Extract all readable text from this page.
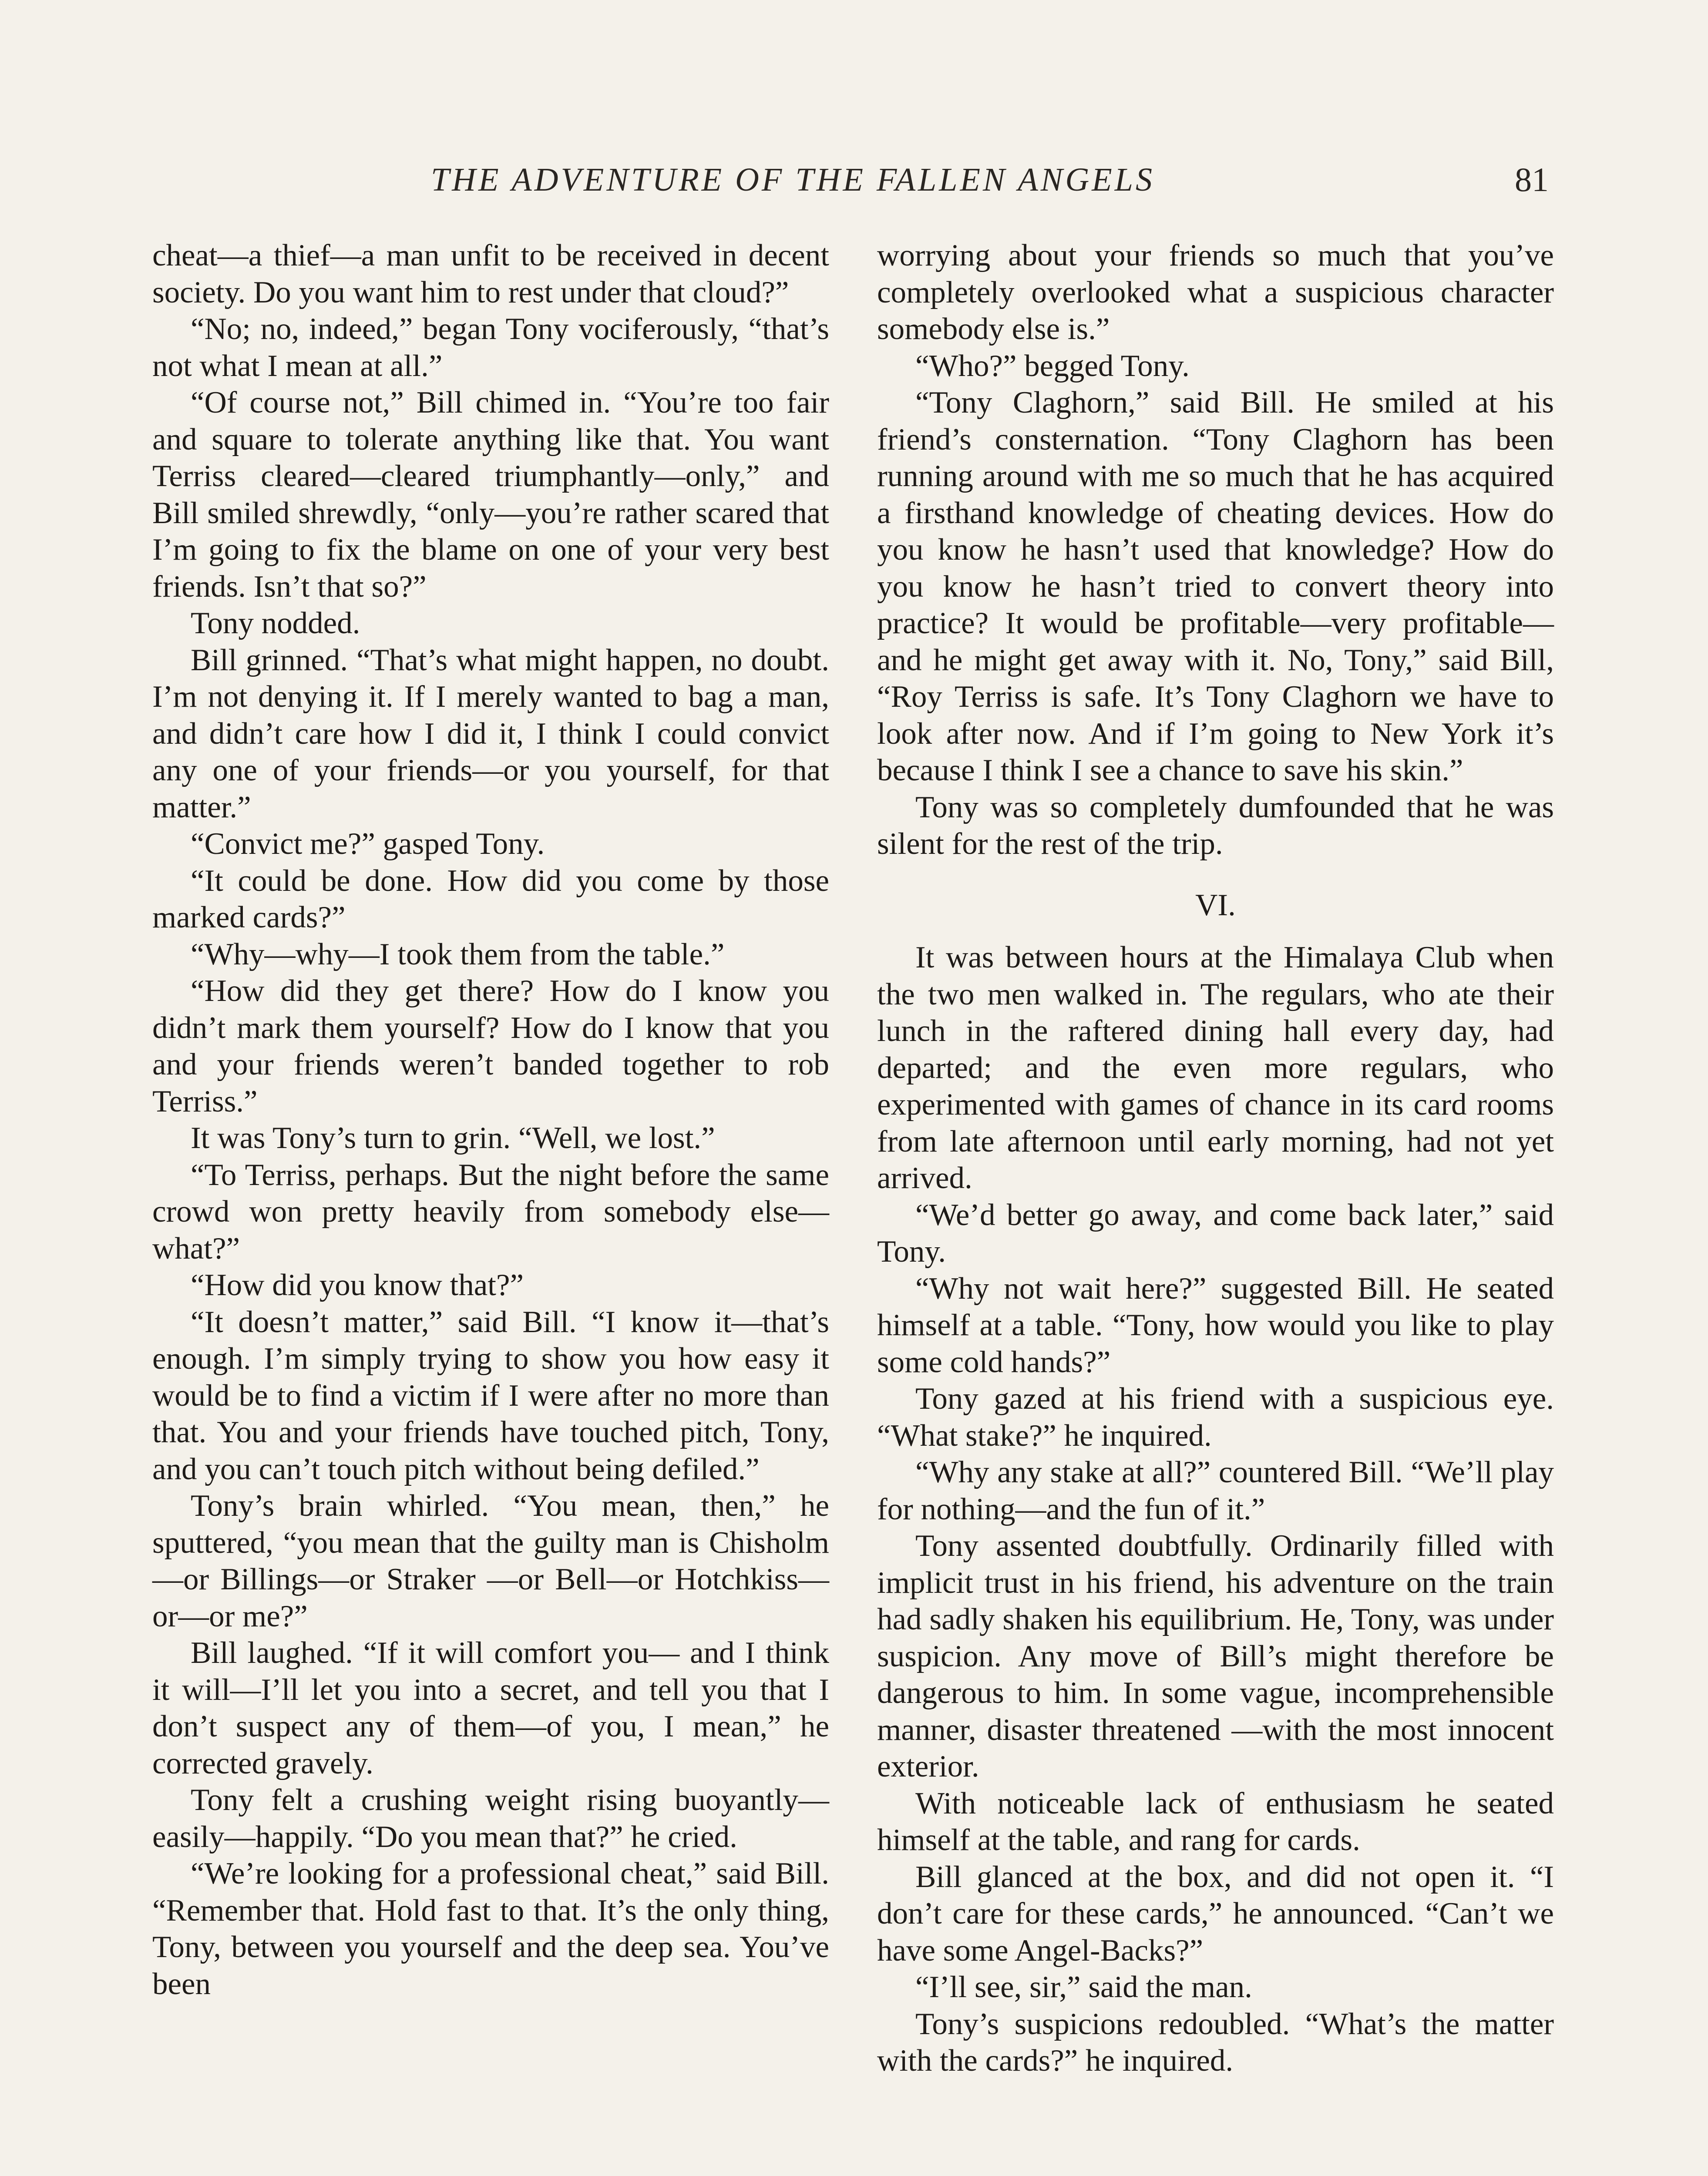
THE ADVENTURE OF THE FALLEN ANGELS	81

cheat—a thief—a man unfit to be received in decent society. Do you want him to rest under that cloud?”

“No; no, indeed,” began Tony vociferously, “that’s not what I mean at all.”

“Of course not,” Bill chimed in. “You’re too fair and square to tolerate anything like that. You want Terriss cleared—cleared triumphantly—only,” and Bill smiled shrewdly, “only—you’re rather scared that I’m going to fix the blame on one of your very best friends. Isn’t that so?”

Tony nodded.

Bill grinned. “That’s what might happen, no doubt. I’m not denying it. If I merely wanted to bag a man, and didn’t care how I did it, I think I could convict any one of your friends—or you yourself, for that matter.”

“Convict me?” gasped Tony.

“It could be done. How did you come by those marked cards?”

“Why—why—I took them from the table.”

“How did they get there? How do I know you didn’t mark them yourself? How do I know that you and your friends weren’t banded together to rob Terriss.”

It was Tony’s turn to grin. “Well, we lost.”

“To Terriss, perhaps. But the night before the same crowd won pretty heavily from somebody else—what?”

“How did you know that?”

“It doesn’t matter,” said Bill. “I know it—that’s enough. I’m simply trying to show you how easy it would be to find a victim if I were after no more than that. You and your friends have touched pitch, Tony, and you can’t touch pitch without being defiled.”

Tony’s brain whirled. “You mean, then,” he sputtered, “you mean that the guilty man is Chisholm—or Billings—or Straker —or Bell—or Hotchkiss—or—or me?”

Bill laughed. “If it will comfort you— and I think it will—I’ll let you into a secret, and tell you that I don’t suspect any of them—of you, I mean,” he corrected gravely.

Tony felt a crushing weight rising buoyantly—easily—happily. “Do you mean that?” he cried.

“We’re looking for a professional cheat,” said Bill. “Remember that. Hold fast to that. It’s the only thing, Tony, between you yourself and the deep sea. You’ve been

worrying about your friends so much that you’ve completely overlooked what a suspicious character somebody else is.”

“Who?” begged Tony.

“Tony Claghorn,” said Bill. He smiled at his friend’s consternation. “Tony Claghorn has been running around with me so much that he has acquired a firsthand knowledge of cheating devices. How do you know he hasn’t used that knowledge? How do you know he hasn’t tried to convert theory into practice? It would be profitable—very profitable—and he might get away with it. No, Tony,” said Bill, “Roy Terriss is safe. It’s Tony Claghorn we have to look after now. And if I’m going to New York it’s because I think I see a chance to save his skin.”

Tony was so completely dumfounded that he was silent for the rest of the trip.

VI.

It was between hours at the Himalaya Club when the two men walked in. The regulars, who ate their lunch in the raftered dining hall every day, had departed; and the even more regulars, who experimented with games of chance in its card rooms from late afternoon until early morning, had not yet arrived.

“We’d better go away, and come back later,” said Tony.

“Why not wait here?” suggested Bill. He seated himself at a table. “Tony, how would you like to play some cold hands?”

Tony gazed at his friend with a suspicious eye. “What stake?” he inquired.

“Why any stake at all?” countered Bill. “We’ll play for nothing—and the fun of it.”

Tony assented doubtfully. Ordinarily filled with implicit trust in his friend, his adventure on the train had sadly shaken his equilibrium. He, Tony, was under suspicion. Any move of Bill’s might therefore be dangerous to him. In some vague, incomprehensible manner, disaster threatened —with the most innocent exterior.

With noticeable lack of enthusiasm he seated himself at the table, and rang for cards.

Bill glanced at the box, and did not open it. “I don’t care for these cards,” he announced. “Can’t we have some Angel-Backs?”

“I’ll see, sir,” said the man.

Tony’s suspicions redoubled. “What’s the matter with the cards?” he inquired.
